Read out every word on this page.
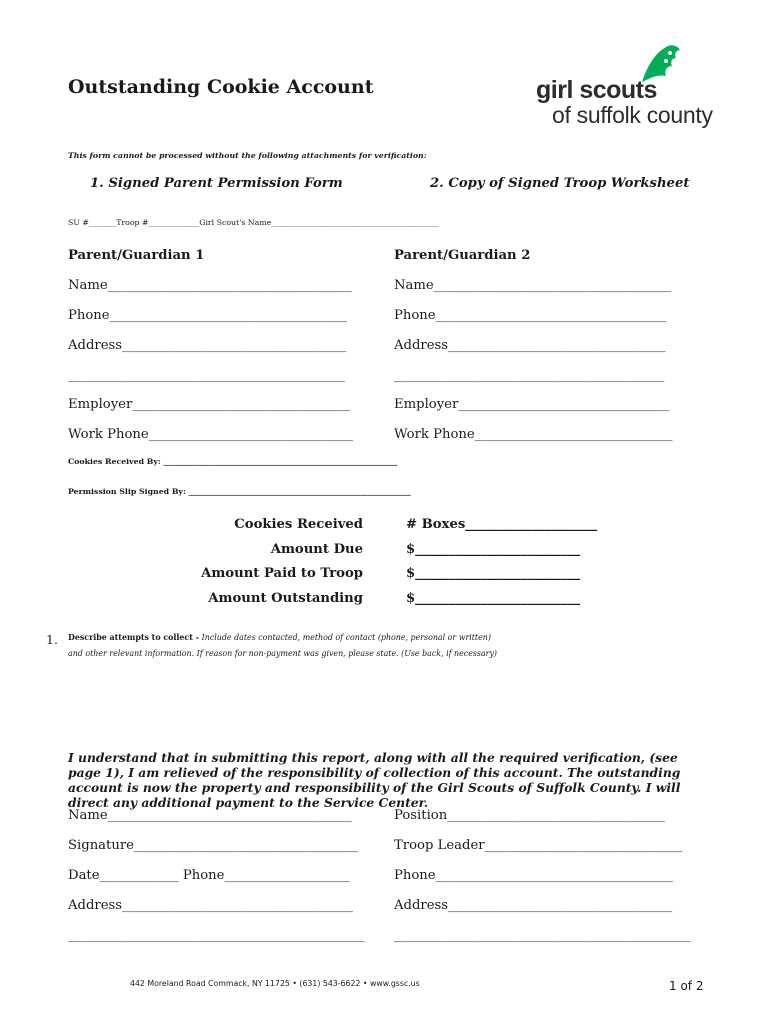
Outstanding Cookie Account	girl scouts
of suffolk county
This form cannot be processed without the following attachments for verification:
1. Signed Parent Permission Form	2. Copy of Signed Troop Worksheet
SU #_______Troop #_____________Girl Scout's Name___________________________________________
Parent/Guardian 1	Parent/Guardian 2
Name_____________________________________	Name____________________________________
Phone____________________________________	Phone___________________________________
Address__________________________________	Address_________________________________
__________________________________________	_________________________________________
Employer_________________________________	Employer________________________________
Work Phone_______________________________	Work Phone______________________________
Cookies Received By: ____________________________________________________________
Permission Slip Signed By: _________________________________________________________
Cookies Received	# Boxes____________________
Amount Due	$_________________________
Amount Paid to Troop	$_________________________
Amount Outstanding	$_________________________
1. Describe attempts to collect - Include dates contacted, method of contact (phone, personal or written)
and other relevant information. If reason for non-payment was given, please state. (Use back, if necessary)
I understand that in submitting this report, along with all the required verification, (see page 1), I am relieved of the responsibility of collection of this account. The outstanding account is now the property and responsibility of the Girl Scouts of Suffolk County. I will direct any additional payment to the Service Center.
Name_____________________________________	Position_________________________________
Signature__________________________________	Troop Leader______________________________
Date____________ Phone___________________	Phone____________________________________
Address___________________________________	Address__________________________________
_____________________________________________ _____________________________________________
442 Moreland Road Commack, NY 11725 • (631) 543-6622 • www.gssc.us	1 of 2
